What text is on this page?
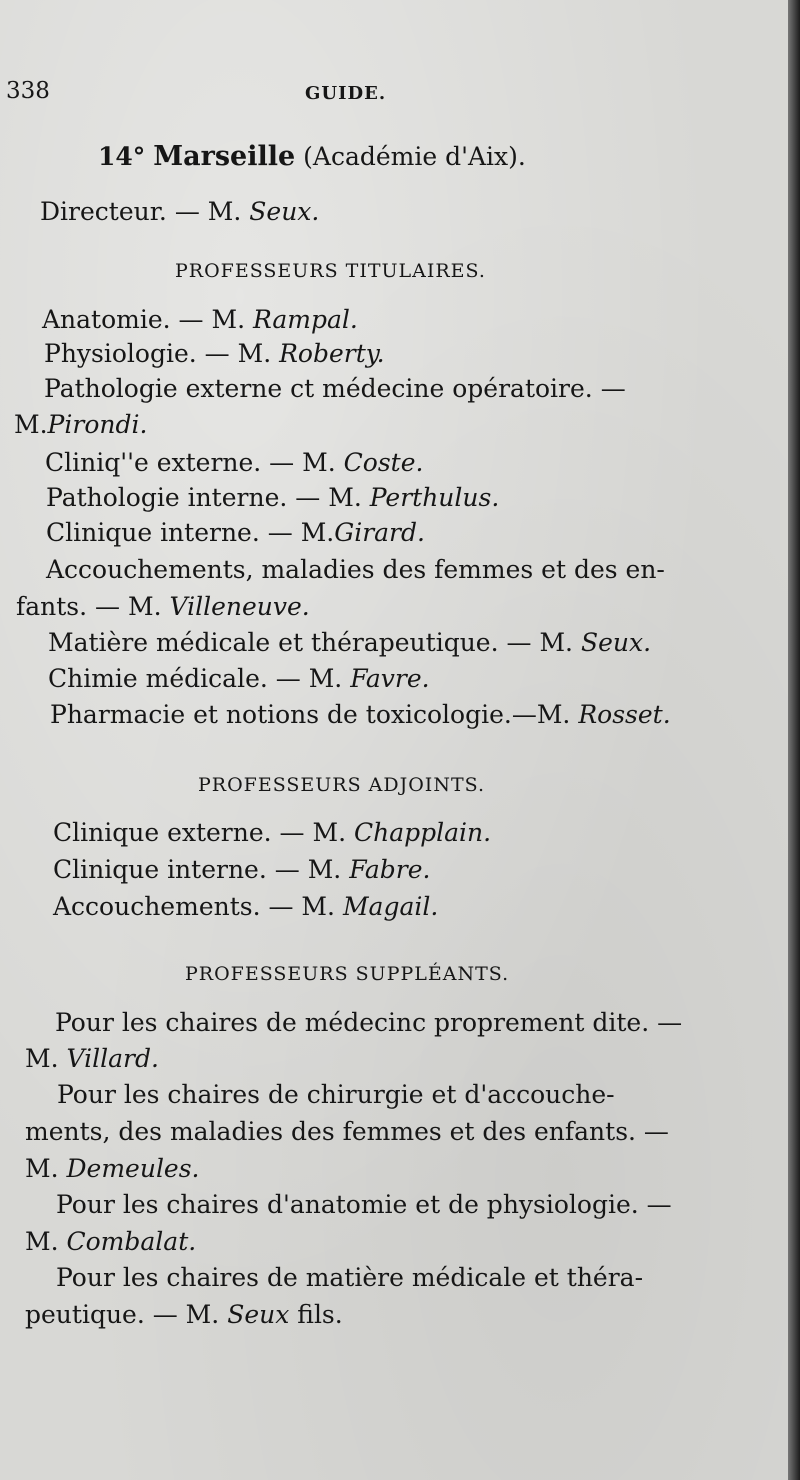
338	GUIDE.
14° Marseille (Académie d'Aix).
Directeur. — M. Seux.
PROFESSEURS TITULAIRES.
Anatomie. — M. Rampal.
Physiologie. — M. Roberty.
Pathologie externe ct médecine opératoire. —
M.Pirondi.
Cliniq''e externe. — M. Coste.
Pathologie interne. — M. Perthulus.
Clinique interne. — M.Girard.
Accouchements, maladies des femmes et des en-
fants. — M. Villeneuve.
Matière médicale et thérapeutique. — M. Seux.
Chimie médicale. — M. Favre.
Pharmacie et notions de toxicologie.—M. Rosset.
PROFESSEURS ADJOINTS.
Clinique externe. — M. Chapplain.
Clinique interne. — M. Fabre.
Accouchements. — M. Magail.
PROFESSEURS SUPPLÉANTS.
Pour les chaires de médecinc proprement dite. —
M. Villard.
Pour les chaires de chirurgie et d'accouche-
ments, des maladies des femmes et des enfants. —
M. Demeules.
Pour les chaires d'anatomie et de physiologie. —
M. Combalat.
Pour les chaires de matière médicale et théra-
peutique. — M. Seux fils.
